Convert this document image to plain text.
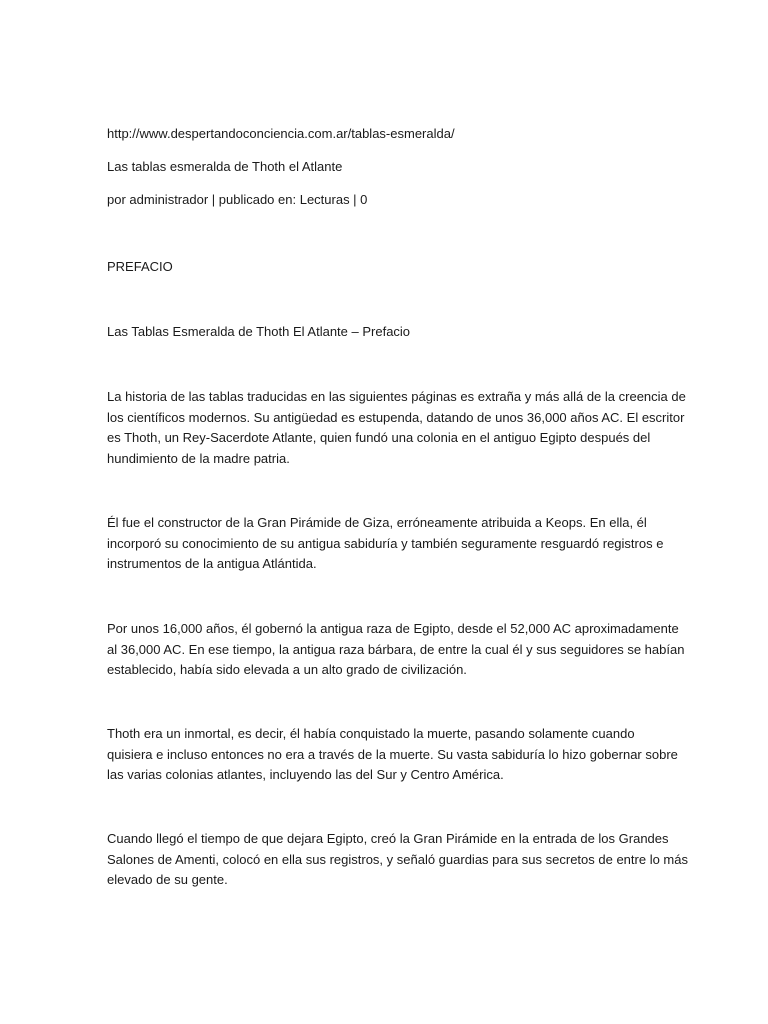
http://www.despertandoconciencia.com.ar/tablas-esmeralda/

Las tablas esmeralda de Thoth el Atlante

por administrador | publicado en: Lecturas | 0

PREFACIO

Las Tablas Esmeralda de Thoth El Atlante – Prefacio

La historia de las tablas traducidas en las siguientes páginas es extraña y más allá de la creencia de
los científicos modernos. Su antigüedad es estupenda, datando de unos 36,000 años AC. El escritor
es Thoth, un Rey-Sacerdote Atlante, quien fundó una colonia en el antiguo Egipto después del
hundimiento de la madre patria.
Él fue el constructor de la Gran Pirámide de Giza, erróneamente atribuida a Keops. En ella, él
incorporó su conocimiento de su antigua sabiduría y también seguramente resguardó registros e
instrumentos de la antigua Atlántida.
Por unos 16,000 años, él gobernó la antigua raza de Egipto, desde el 52,000 AC aproximadamente
al 36,000 AC. En ese tiempo, la antigua raza bárbara, de entre la cual él y sus seguidores se habían
establecido, había sido elevada a un alto grado de civilización.
Thoth era un inmortal, es decir, él había conquistado la muerte, pasando solamente cuando
quisiera e incluso entonces no era a través de la muerte. Su vasta sabiduría lo hizo gobernar sobre
las varias colonias atlantes, incluyendo las del Sur y Centro América.
Cuando llegó el tiempo de que dejara Egipto, creó la Gran Pirámide en la entrada de los Grandes
Salones de Amenti, colocó en ella sus registros, y señaló guardias para sus secretos de entre lo más
elevado de su gente.
